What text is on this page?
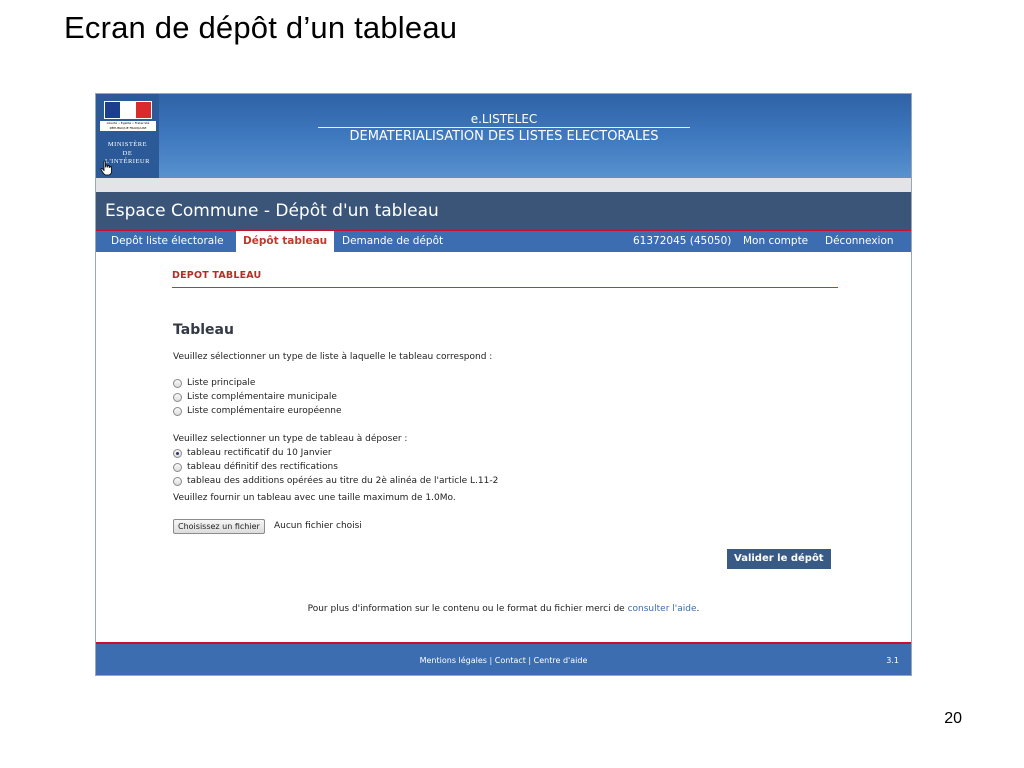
Ecran de dépôt d’un tableau
Liberté • Égalité • Fraternité RÉPUBLIQUE FRANÇAISE
MINISTÈRE
DE
L'INTÉRIEUR
e.LISTELEC
DEMATERIALISATION DES LISTES ELECTORALES
Espace Commune - Dépôt d'un tableau
Depôt liste électorale	Dépôt tableau	Demande de dépôt	61372045 (45050)	Mon compte	Déconnexion
DEPOT TABLEAU
Tableau
Veuillez sélectionner un type de liste à laquelle le tableau correspond :
Liste principale
Liste complémentaire municipale
Liste complémentaire européenne
Veuillez selectionner un type de tableau à déposer :
tableau rectificatif du 10 Janvier
tableau définitif des rectifications
tableau des additions opérées au titre du 2è alinéa de l'article L.11-2
Veuillez fournir un tableau avec une taille maximum de 1.0Mo.
Choisissez un fichier	Aucun fichier choisi
Valider le dépôt
Pour plus d'information sur le contenu ou le format du fichier merci de consulter l'aide.
Mentions légales | Contact | Centre d'aide	3.1
20
